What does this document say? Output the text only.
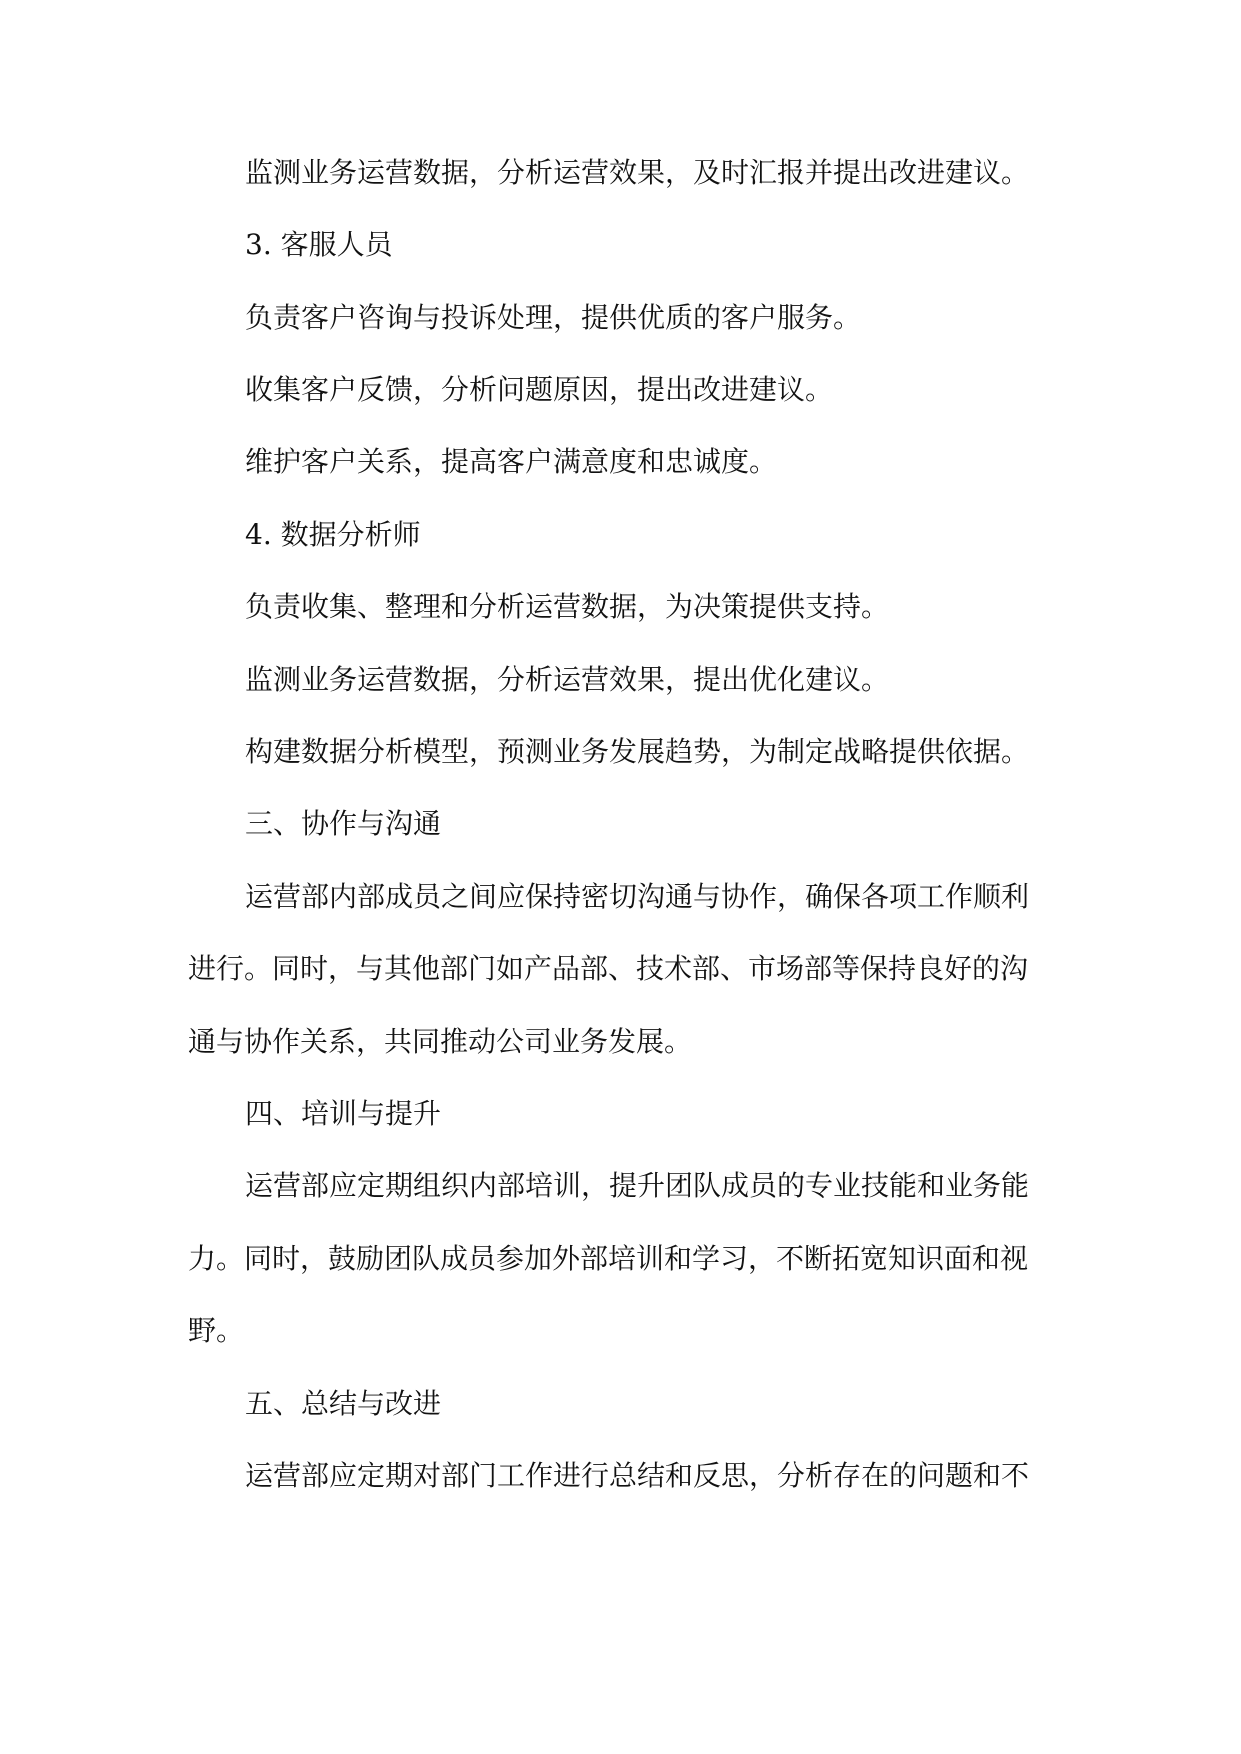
监测业务运营数据，分析运营效果，及时汇报并提出改进建议。

3. 客服人员

负责客户咨询与投诉处理，提供优质的客户服务。

收集客户反馈，分析问题原因，提出改进建议。

维护客户关系，提高客户满意度和忠诚度。

4. 数据分析师

负责收集、整理和分析运营数据，为决策提供支持。

监测业务运营数据，分析运营效果，提出优化建议。

构建数据分析模型，预测业务发展趋势，为制定战略提供依据。

三、协作与沟通

运营部内部成员之间应保持密切沟通与协作，确保各项工作顺利

进行。同时，与其他部门如产品部、技术部、市场部等保持良好的沟

通与协作关系，共同推动公司业务发展。

四、培训与提升

运营部应定期组织内部培训，提升团队成员的专业技能和业务能

力。同时，鼓励团队成员参加外部培训和学习，不断拓宽知识面和视

野。

五、总结与改进

运营部应定期对部门工作进行总结和反思，分析存在的问题和不
